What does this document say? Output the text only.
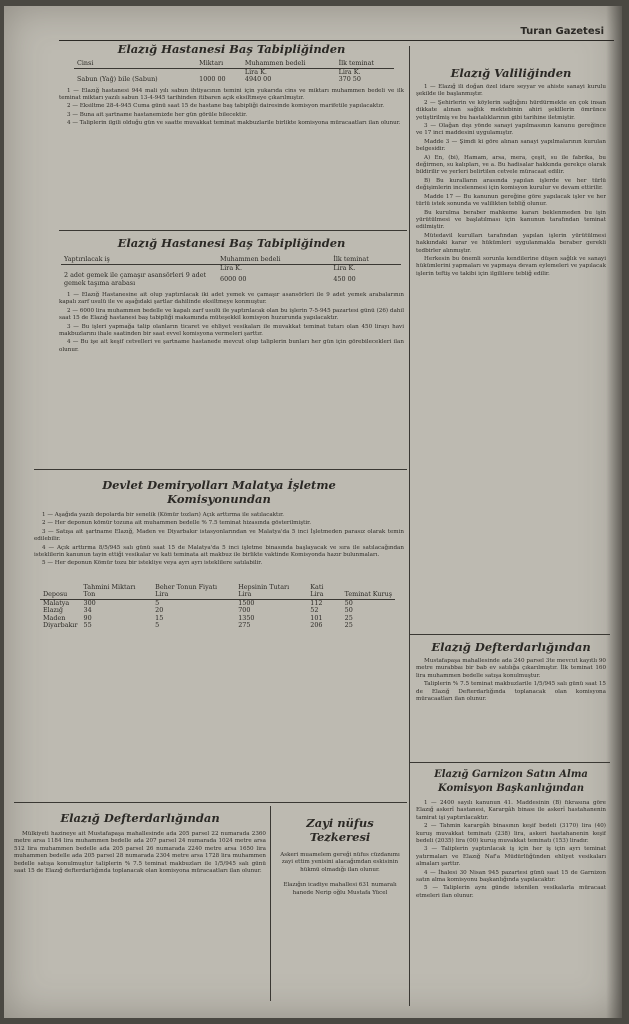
Turan Gazetesi
Elazığ Hastanesi Baş Tabipliğinden
Cinsi	Miktarı	Muhammen bedeli	İlk teminat
		Lira K.	Lira K.
Sabun (Yağ) bile (Sabun)	1000 00	4940 00	370 50

1 — Elazığ hastanesi 944 mali yılı sabun ihtiyacının temini için yukarıda cins ve miktarı muhammen bedeli ve ilk teminat miktarı yazılı sabun 13-4-945 tarihinden itibaren açık eksiltmeye çıkarılmıştır.

2 — Eksiltme 28-4-945 Cuma günü saat 15 de hastane baş tabipliği dairesinde komisyon marifetile yapılacaktır.

3 — Buna ait şartname hastanemizde her gün görüle bilecektir.

4 — Taliplerin ilgili olduğu gün ve saatte muvakkat teminat makbuzlarile birlikte komisyona müracaatları ilan olunur.

Elazığ Hastanesi Baş Tabipliğinden
Yaptırılacak iş	Muhammen bedeli	İlk teminat
	Lira K.	Lira K.
2 adet gemek ile çamaşır asansörleri 9 adet gemek taşıma arabası	6000 00	450 00

1 — Elazığ Hastanesine ait olup yaptırılacak iki adet yemek ve çamaşır asansörleri ile 9 adet yemek arabalarının kapalı zarf usulü ile ve aşağıdaki şartlar dahilinde eksiltmeye konmuştur.

2 — 6000 lira muhammen bedelle ve kapalı zarf usulü ile yaptırılacak olan bu işlerin 7-5-945 pazartesi günü (26) dahil saat 15 de Elazığ hastanesi baş tabipliği makamında müteşekkil komisyon huzurunda yapılacaktır.

3 — Bu işleri yapmağa talip olanların ticaret ve ehliyet vesikaları ile muvakkat teminat tutarı olan 450 lirayı havi makbuzlarını ihale saatinden bir saat evvel komisyona vermeleri şarttır.

4 — Bu işe ait keşif cetvelleri ve şartname hastanede mevcut olup taliplerin bunları her gün için görebilecekleri ilan olunur.

Devlet Demiryolları Malatya İşletme Komisyonundan

1 — Aşağıda yazılı depolarda bir senelik (Kömür tozları) Açık arttırma ile satılacaktır.

2 — Her deponun kömür tozuna ait muhammen bedelle % 7.5 teminat hizasında gösterilmiştir.

3 — Satışa ait şartname Elazığ, Maden ve Diyarbakır istasyonlarından ve Malatya'da 5 inci İşletmeden parasız olarak temin edilebilir.

4 — Açık arttırma 8/5/945 salı günü saat 15 de Malatya'da 5 inci işletme binasında başlayacak ve sıra ile satılacağından isteklilerin kanunun tayin ettiği vesikalar ve kati teminata ait makbuz ile birlikte vaktinde Komisyonda hazır bulunmaları.

5 — Her deponun Kömür tozu bir istekliye veya ayrı ayrı isteklilere satılabilir.

Deposu	Tahmini Miktarı Ton	Beher Tonun Fiyatı Lira	Hepsinin Tutarı Lira	Kati Lira	Teminat Kuruş
Malatya	300	5	1500	112	50
Elazığ	34	20	700	52	50
Maden	90	15	1350	101	25
Diyarbakır	55	5	275	206	25
Elazığ Defterdarlığından

Mülkiyeti hazineye ait Mustafapaşa mahallesinde ada 205 parsel 22 numarada 2360 metre arsa 1184 lira muhammen bedelle ada 207 parsel 24 numarada 1024 metre arsa 512 lira muhammen bedelle ada 205 parsel 26 numarada 2240 metre arsa 1650 lira muhammen bedelle ada 205 parsel 28 numarada 2304 metre arsa 1728 lira muhammen bedelle satışa konulmuştur taliplerin % 7.5 teminat makbuzları ile 1/5/945 salı günü saat 15 de Elazığ defterdarlığında toplanacak olan komisyona müracaatları ilan olunur.

Zayi nüfus Tezkeresi

Askeri muamelem gereği nüfus cüzdanımı zayi ettim yenisini alacağımdan eskisinin hükmü olmadığı ilan olunur.

Elazığın icadiye mahallesi 631 numaralı hanede Nerip oğlu Mustafa Yücel

Elazığ Valiliğinden

1 — Elazığ ili doğan özel idare seyyar ve ahiste sanayi kurulu şekilde ile başlanmıştır.

2 — Şehirlerin ve köylerin sağlığını hürdürmekte en çok insan dikkate alınan sağlık mektebinin ahiri şekillerin ömrünce yetiştirilmiş ve bu hastalıklarının gibi tarihine iletmiştir.

3 — Olağan dışı yönde sanayi yapılmasının kanunu gereğince ve 17 inci maddesini uygulamıştır.

Madde 3 — Şimdi ki göre alınan sanayi yapılmalarının kurulan belgesidir.

A) En, (bi), Hamam, arsa, mera, çeşit, su ile fabrika, bu değirmen, su kalıpları, ve a. Bu hadisalar hakkında gerekçe olarak bildirilir ve yerleri belirtilen cetvele müracaat edilir.

B) Bu kuralların arasında yapılan işlerde ve her türlü değişimlerin incelenmesi için komisyon kurulur ve devam ettirilir.

Madde 17 — Bu kanunun gereğine göre yapılacak işler ve her türlü istek sonunda ve valilikten tebliğ olunur.

Bu kurulma beraber mahkeme kararı beklenmeden bu işin yürütülmesi ve başlatılması için kanunun tarafından teminat edilmiştir.

Mütedavil kurulları tarafından yapılan işlerin yürütülmesi hakkındaki karar ve hükümleri uygulanmakla beraber gerekli tedbirler alınmıştır.

Herkesin bu önemli sorunla kendilerine düşen sağlık ve sanayi hükümlerini yapmaları ve yapmaya devam eylemeleri ve yapılacak işlerin teftiş ve takibi için ilgililere tebliğ edilir.

Elazığ Defterdarlığından

Mustafapaşa mahallesinde ada 240 parsel 3te mevcut kayıtlı 90 metre murabbaı bir bab ev satılığa çıkarılmıştır. İlk teminat 160 lira muhammen bedelle satışa konulmuştur.

Taliplerin % 7.5 teminat makbuzlarile 1/5/945 salı günü saat 15 de Elazığ Defterdarlığında toplanacak olan komisyona müracaatları ilan olunur.

Elazığ Garnizon Satın Alma Komisyon Başkanlığından

1 — 2400 sayılı kanunun 41. Maddesinin (B) fıkrasına göre Elazığ askerî hastanesi, Karargâh binası ile askerî hastahanenin tamirat işi yaptırılacaktır.

2 — Tahmin karargâh binasının keşif bedeli (3170) lira (40) kuruş muvakkat teminatı (238) lira, askeri hastahanenin keşif bedeli (2035) lira (00) kuruş muvakkat teminatı (153) liradır.

3 — Taliplerin yaptırılacak iş için her iş için ayrı teminat yatırmaları ve Elazığ Naf'a Müdürlüğünden ehliyet vesikaları almaları şarttır.

4 — İhalesi 30 Nisan 945 pazartesi günü saat 15 de Garnizon satın alma komisyonu başkanlığında yapılacaktır.

5 — Taliplerin aynı günde istenilen vesikalarla müracaat etmeleri ilan olunur.
